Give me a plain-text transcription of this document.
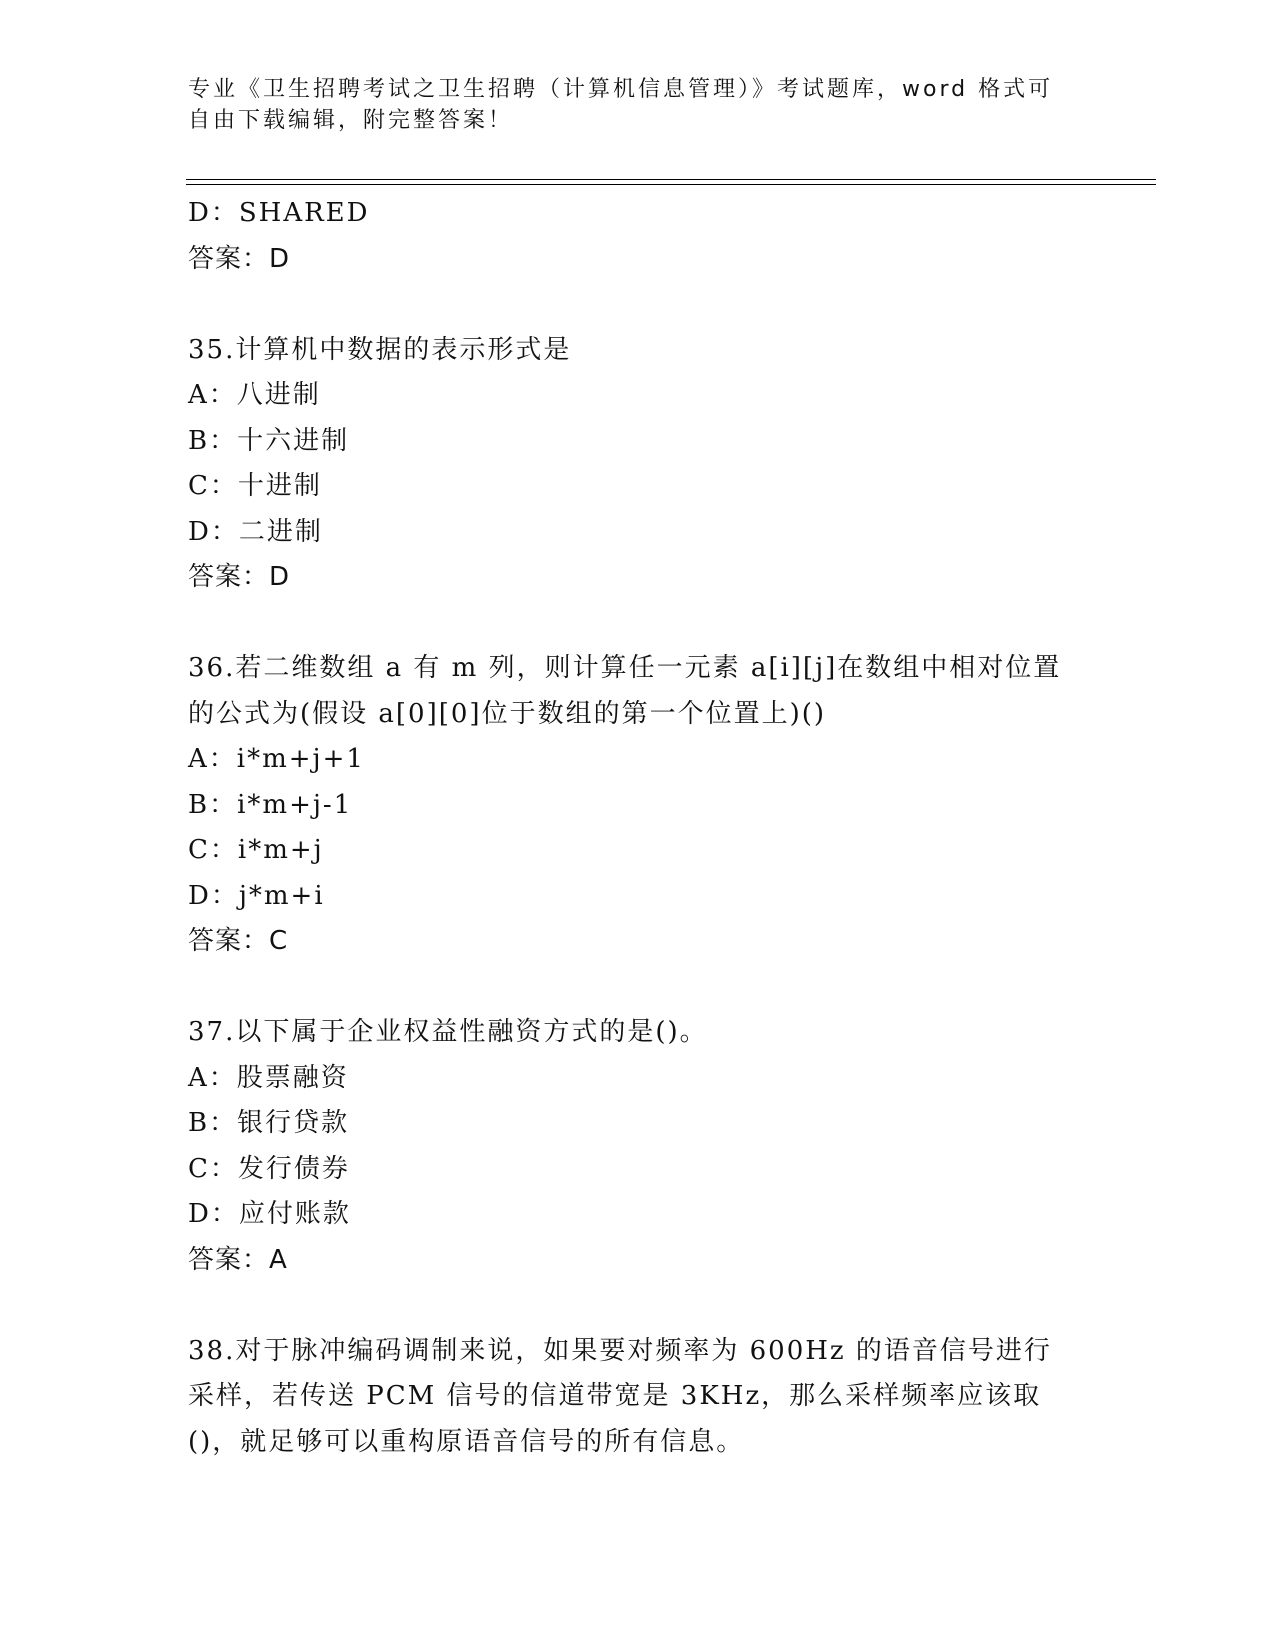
专业《卫生招聘考试之卫生招聘（计算机信息管理）》考试题库，word 格式可自由下载编辑，附完整答案！
D：SHARED
答案：D
35.计算机中数据的表示形式是
A：八进制
B：十六进制
C：十进制
D：二进制
答案：D
36.若二维数组 a 有 m 列，则计算任一元素 a[i][j]在数组中相对位置的公式为(假设 a[0][0]位于数组的第一个位置上)()
A：i*m+j+1
B：i*m+j-1
C：i*m+j
D：j*m+i
答案：C
37.以下属于企业权益性融资方式的是()。
A：股票融资
B：银行贷款
C：发行债券
D：应付账款
答案：A
38.对于脉冲编码调制来说，如果要对频率为 600Hz 的语音信号进行采样，若传送 PCM 信号的信道带宽是 3KHz，那么采样频率应该取()，就足够可以重构原语音信号的所有信息。
